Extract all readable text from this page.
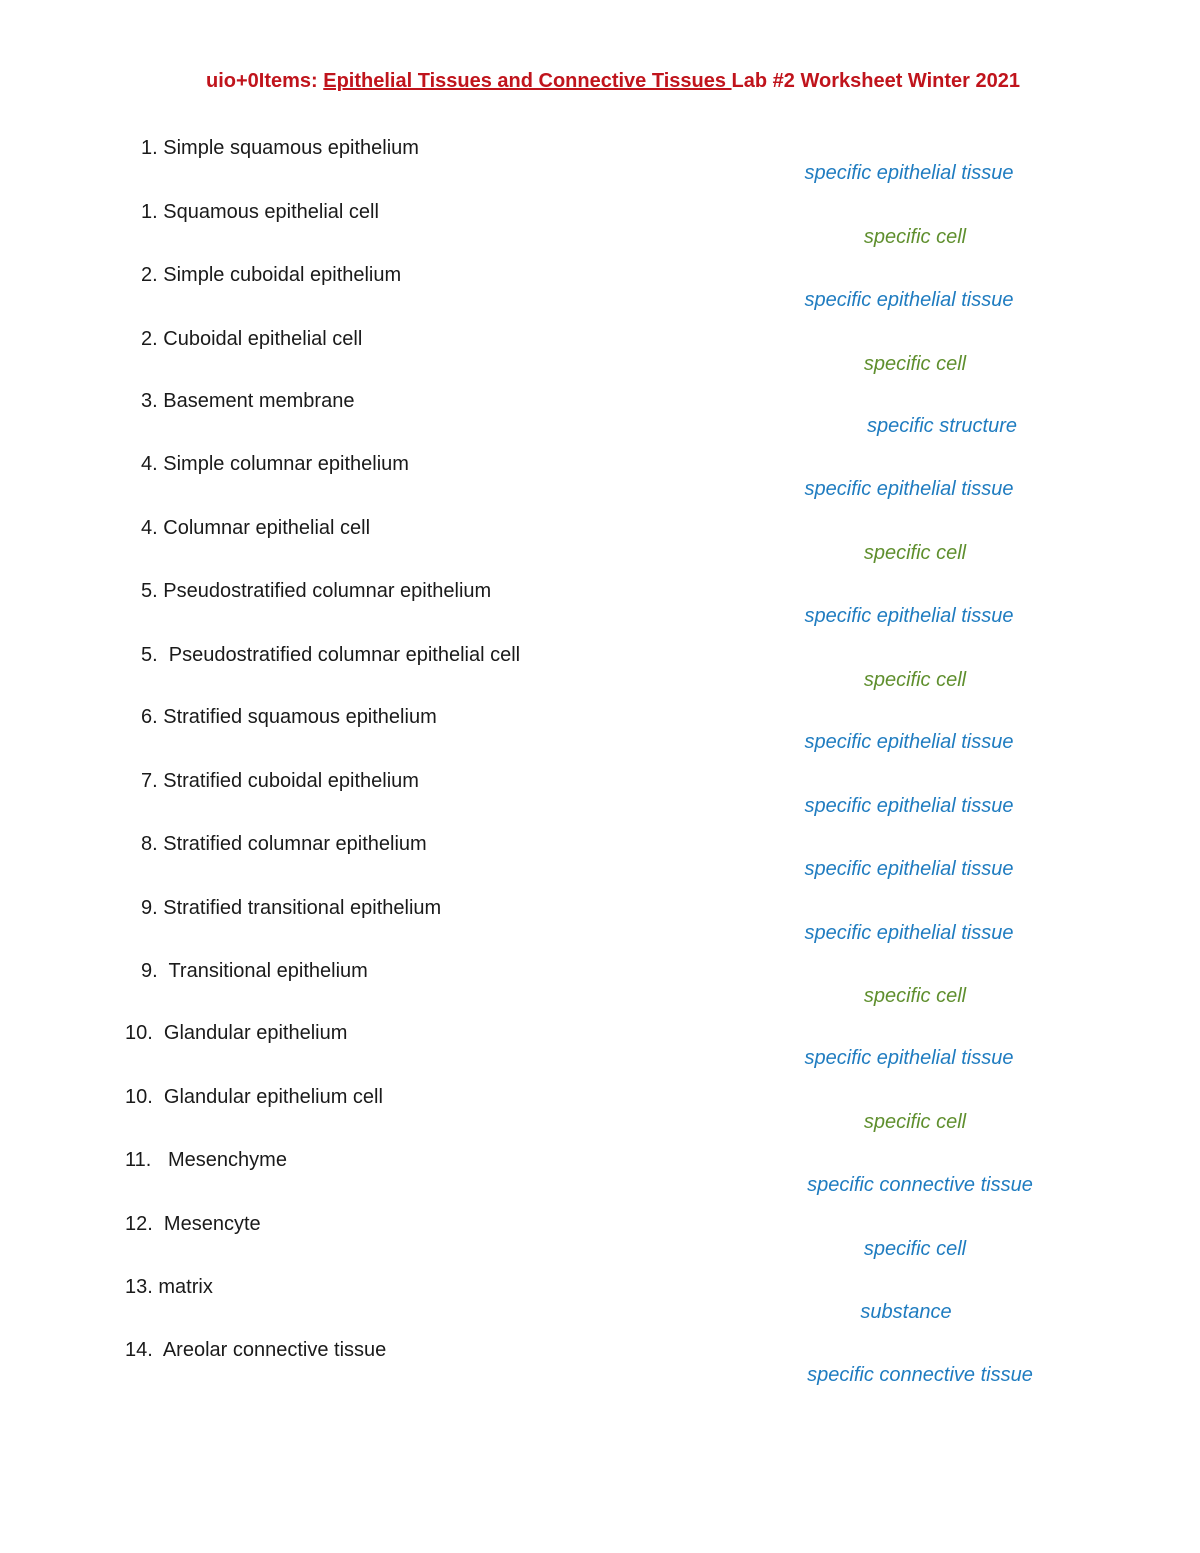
uio+0Items: Epithelial Tissues and Connective Tissues Lab #2 Worksheet Winter 2021
1. Simple squamous epithelium
specific epithelial tissue
1. Squamous epithelial cell
specific cell
2. Simple cuboidal epithelium
specific epithelial tissue
2. Cuboidal epithelial cell
specific cell
3. Basement membrane
specific structure
4. Simple columnar epithelium
specific epithelial tissue
4. Columnar epithelial cell
specific cell
5. Pseudostratified columnar epithelium
specific epithelial tissue
5.  Pseudostratified columnar epithelial cell
specific cell
6. Stratified squamous epithelium
specific epithelial tissue
7. Stratified cuboidal epithelium
specific epithelial tissue
8. Stratified columnar epithelium
specific epithelial tissue
9. Stratified transitional epithelium
specific epithelial tissue
9.  Transitional epithelium
specific cell
10.  Glandular epithelium
specific epithelial tissue
10.  Glandular epithelium cell
specific cell
11.   Mesenchyme
specific connective tissue
12.  Mesencyte
specific cell
13. matrix
substance
14.  Areolar connective tissue
specific connective tissue
